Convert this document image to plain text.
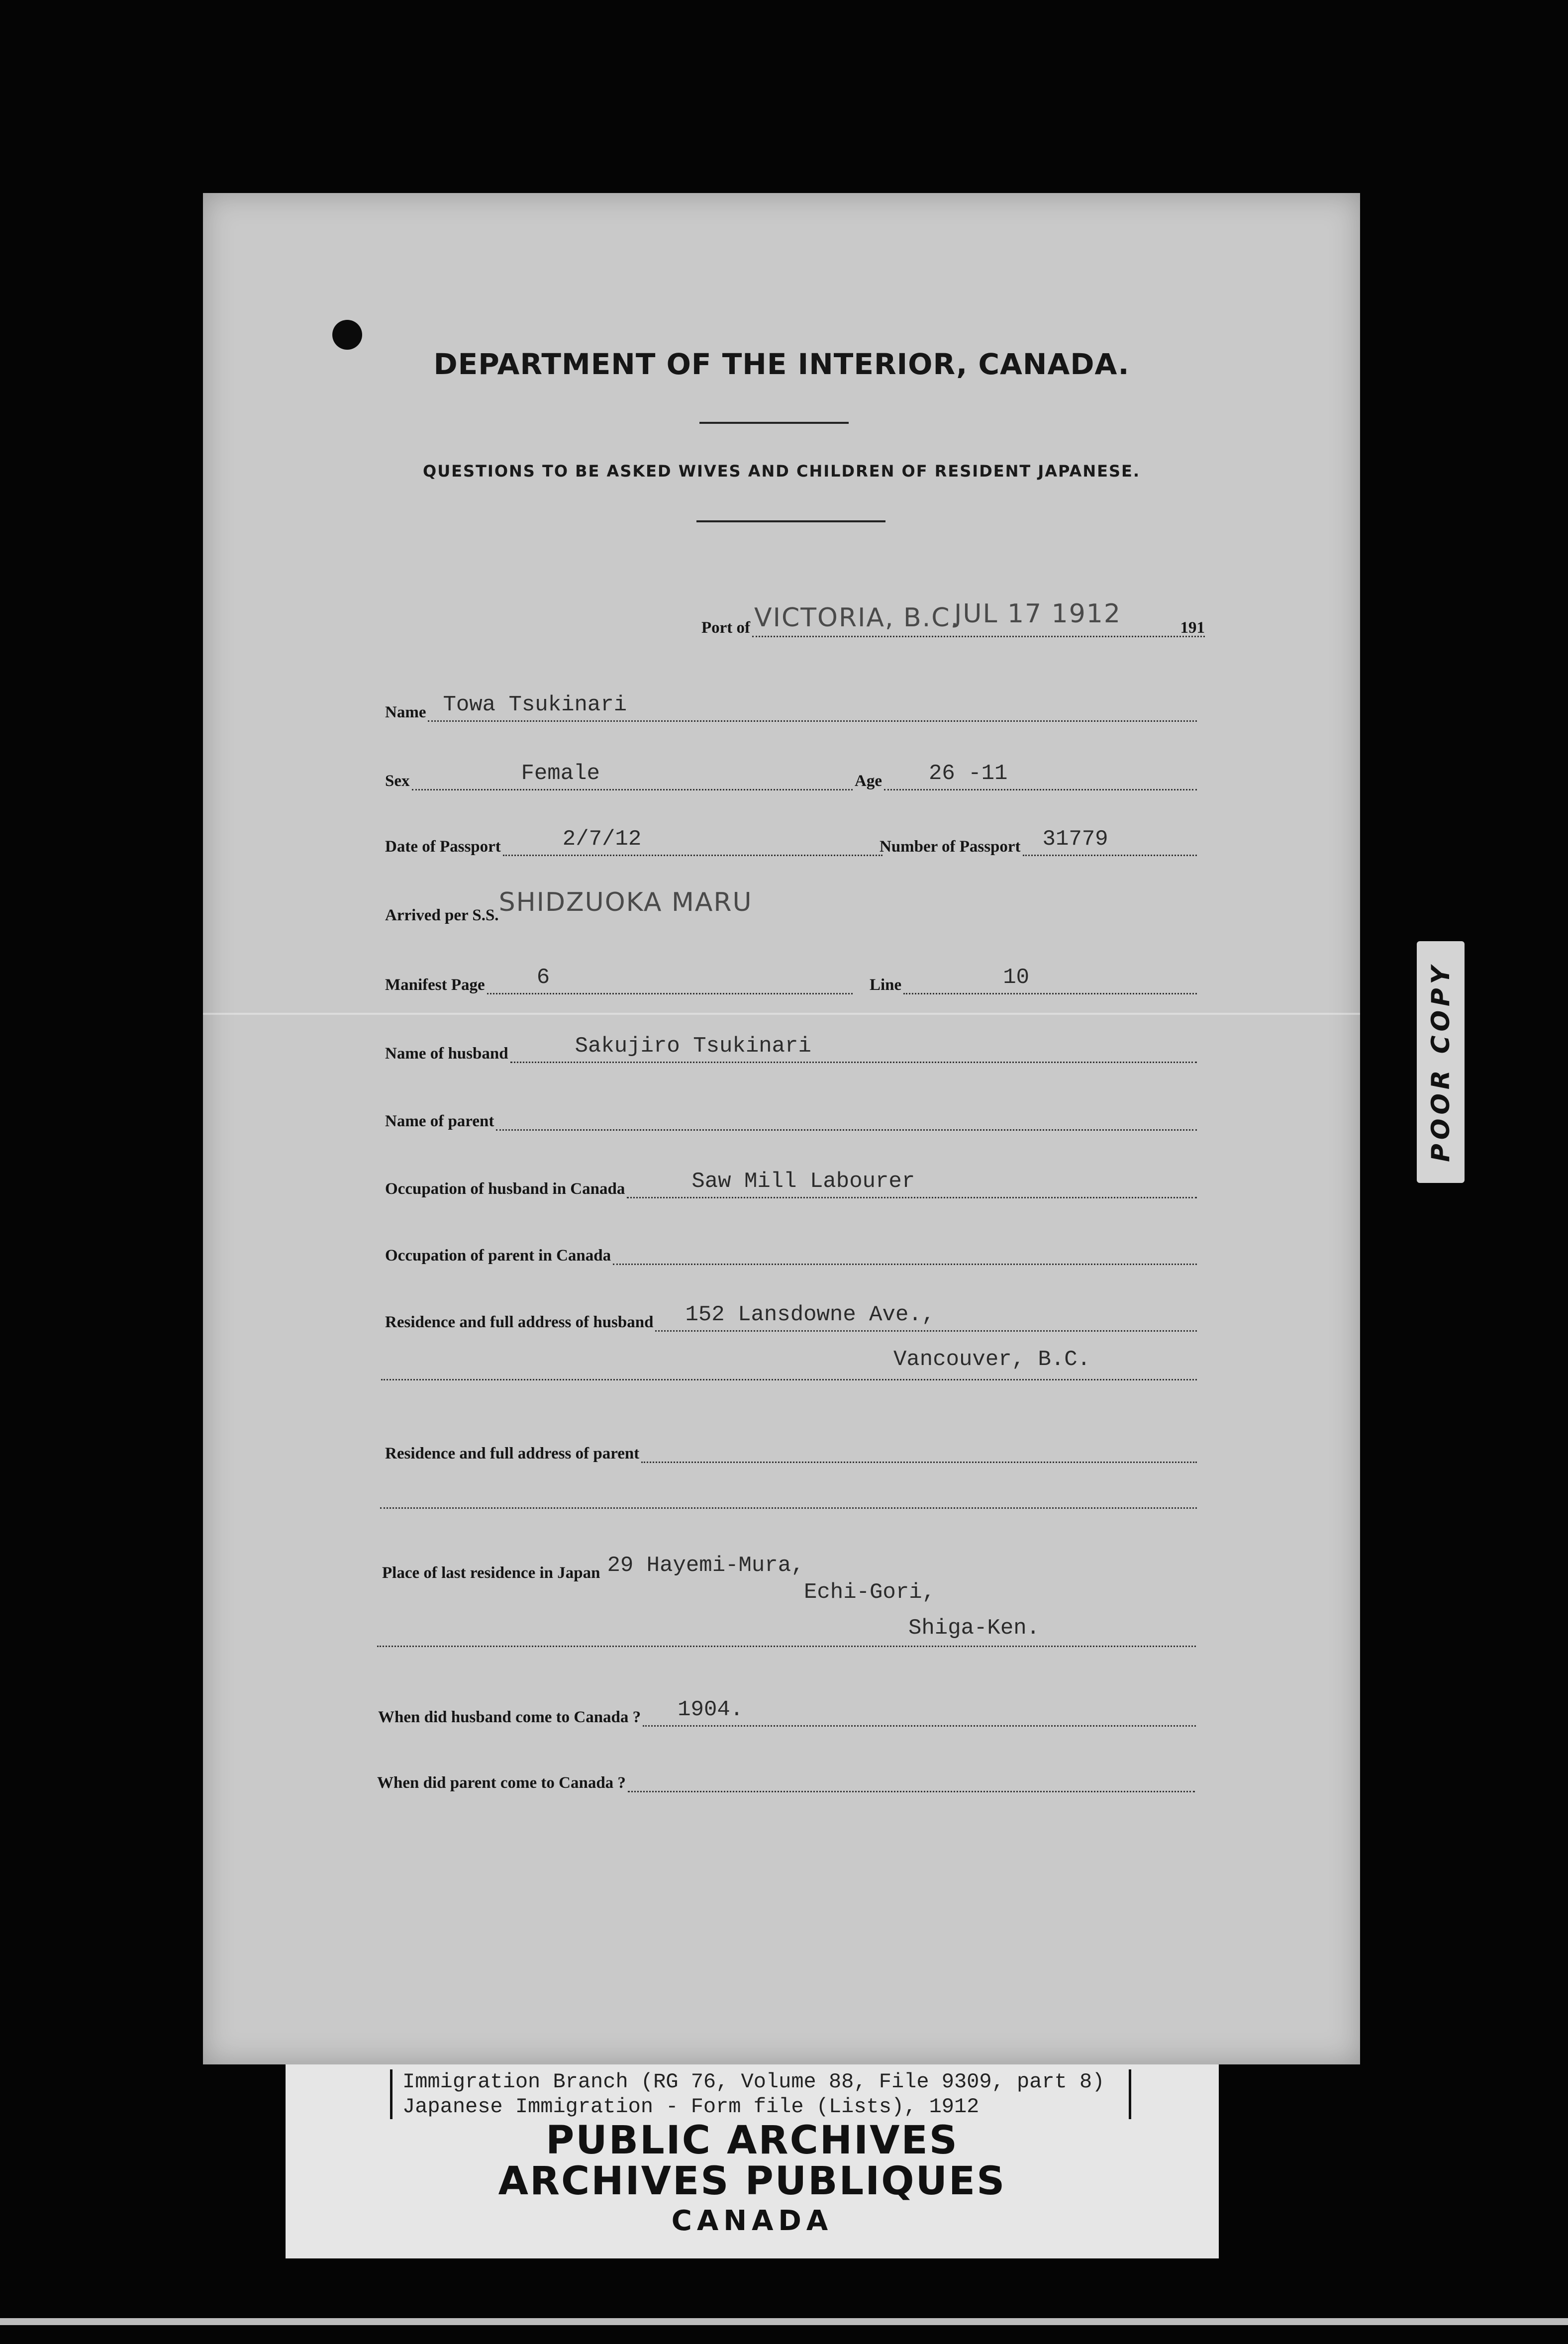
DEPARTMENT OF THE INTERIOR, CANADA.
QUESTIONS TO BE ASKED WIVES AND CHILDREN OF RESIDENT JAPANESE.
Port of VICTORIA, B.C.
JUL 17 1912	191
Name Towa Tsukinari
Sex	Female	Age 26 -11
Date of Passport	2/7/12	Number of Passport 31779
Arrived per S.S. SHIDZUOKA MARU
Manifest Page 6	Line	10
Name of husband	Sakujiro Tsukinari
Name of parent
Occupation of husband in Canada	Saw Mill Labourer
Occupation of parent in Canada
Residence and full address of husband 152 Lansdowne Ave.,
Vancouver, B.C.
Residence and full address of parent
Place of last residence in Japan 29 Hayemi-Mura,
Echi-Gori,
Shiga-Ken.
When did husband come to Canada ? 1904.
When did parent come to Canada ?
POOR COPY
Immigration Branch (RG 76, Volume 88, File 9309, part 8)
Japanese Immigration - Form file (Lists), 1912
PUBLIC ARCHIVES
ARCHIVES PUBLIQUES
CANADA
